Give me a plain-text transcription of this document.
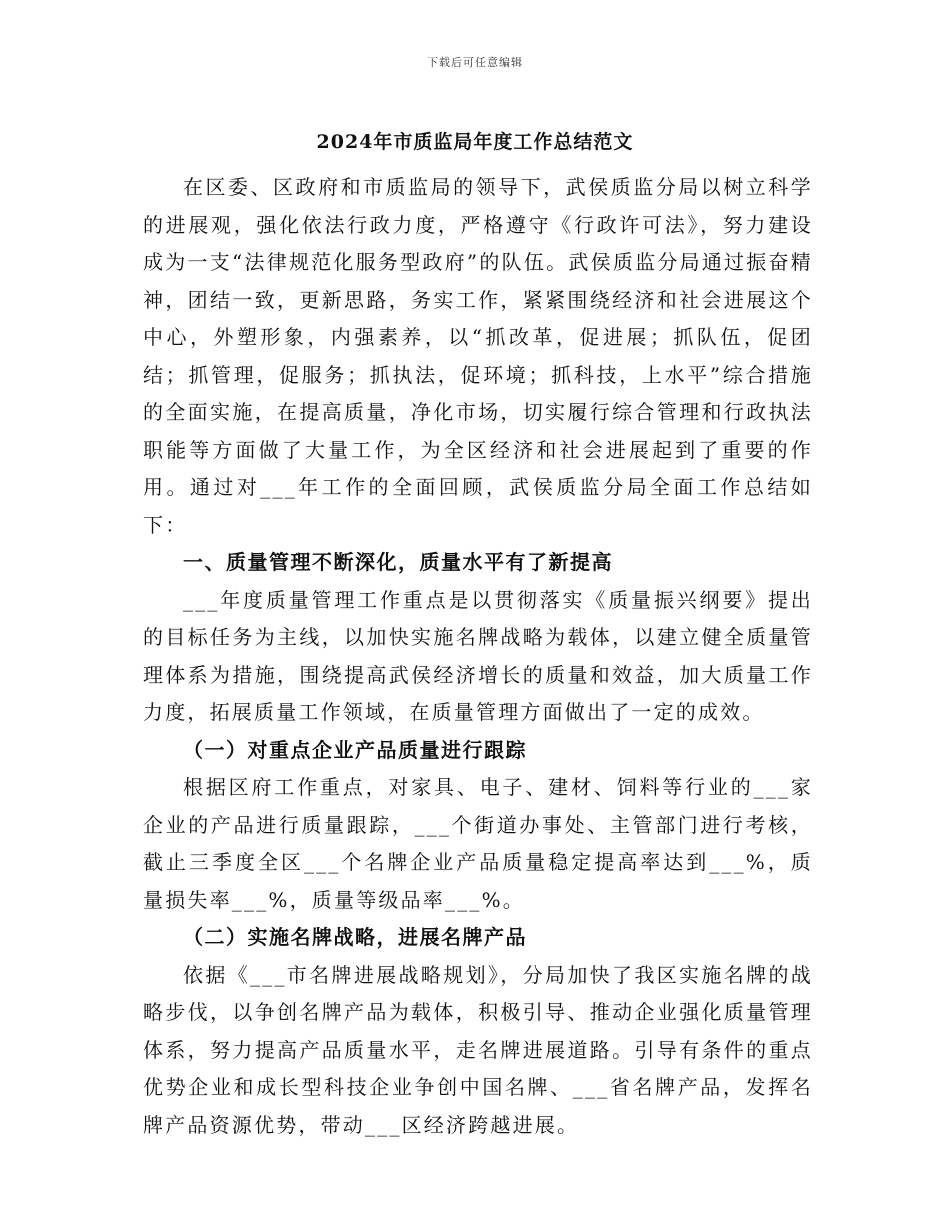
下载后可任意编辑
2024年市质监局年度工作总结范文

在区委、区政府和市质监局的领导下，武侯质监分局以树立科学的进展观，强化依法行政力度，严格遵守《行政许可法》，努力建设成为一支“法律规范化服务型政府”的队伍。武侯质监分局通过振奋精神，团结一致，更新思路，务实工作，紧紧围绕经济和社会进展这个中心，外塑形象，内强素养，以“抓改革，促进展；抓队伍，促团结；抓管理，促服务；抓执法，促环境；抓科技，上水平”综合措施的全面实施，在提高质量，净化市场，切实履行综合管理和行政执法职能等方面做了大量工作，为全区经济和社会进展起到了重要的作用。通过对___年工作的全面回顾，武侯质监分局全面工作总结如下：

一、质量管理不断深化，质量水平有了新提高

___年度质量管理工作重点是以贯彻落实《质量振兴纲要》提出的目标任务为主线，以加快实施名牌战略为载体，以建立健全质量管理体系为措施，围绕提高武侯经济增长的质量和效益，加大质量工作力度，拓展质量工作领域，在质量管理方面做出了一定的成效。

（一）对重点企业产品质量进行跟踪

根据区府工作重点，对家具、电子、建材、饲料等行业的___家企业的产品进行质量跟踪，___个街道办事处、主管部门进行考核，截止三季度全区___个名牌企业产品质量稳定提高率达到___%，质量损失率___%，质量等级品率___%。

（二）实施名牌战略，进展名牌产品

依据《___市名牌进展战略规划》，分局加快了我区实施名牌的战略步伐，以争创名牌产品为载体，积极引导、推动企业强化质量管理体系，努力提高产品质量水平，走名牌进展道路。引导有条件的重点优势企业和成长型科技企业争创中国名牌、___省名牌产品，发挥名牌产品资源优势，带动___区经济跨越进展。
